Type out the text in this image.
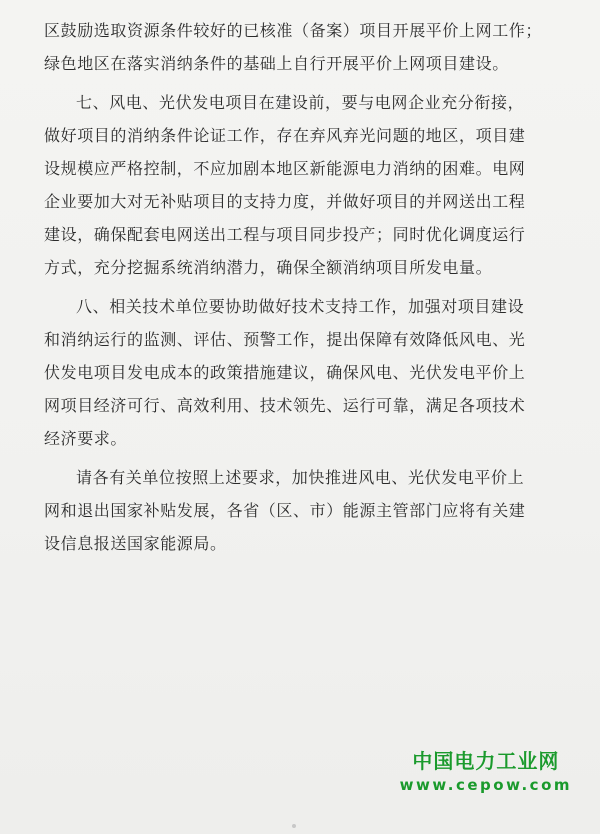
区鼓励选取资源条件较好的已核准（备案）项目开展平价上网工作；
绿色地区在落实消纳条件的基础上自行开展平价上网项目建设。
七、风电、光伏发电项目在建设前，要与电网企业充分衔接，
做好项目的消纳条件论证工作，存在弃风弃光问题的地区，项目建
设规模应严格控制，不应加剧本地区新能源电力消纳的困难。电网
企业要加大对无补贴项目的支持力度，并做好项目的并网送出工程
建设，确保配套电网送出工程与项目同步投产；同时优化调度运行
方式，充分挖掘系统消纳潜力，确保全额消纳项目所发电量。
八、相关技术单位要协助做好技术支持工作，加强对项目建设
和消纳运行的监测、评估、预警工作，提出保障有效降低风电、光
伏发电项目发电成本的政策措施建议，确保风电、光伏发电平价上
网项目经济可行、高效利用、技术领先、运行可靠，满足各项技术
经济要求。
请各有关单位按照上述要求，加快推进风电、光伏发电平价上
网和退出国家补贴发展，各省（区、市）能源主管部门应将有关建
设信息报送国家能源局。
中国电力工业网
www.cepow.com
